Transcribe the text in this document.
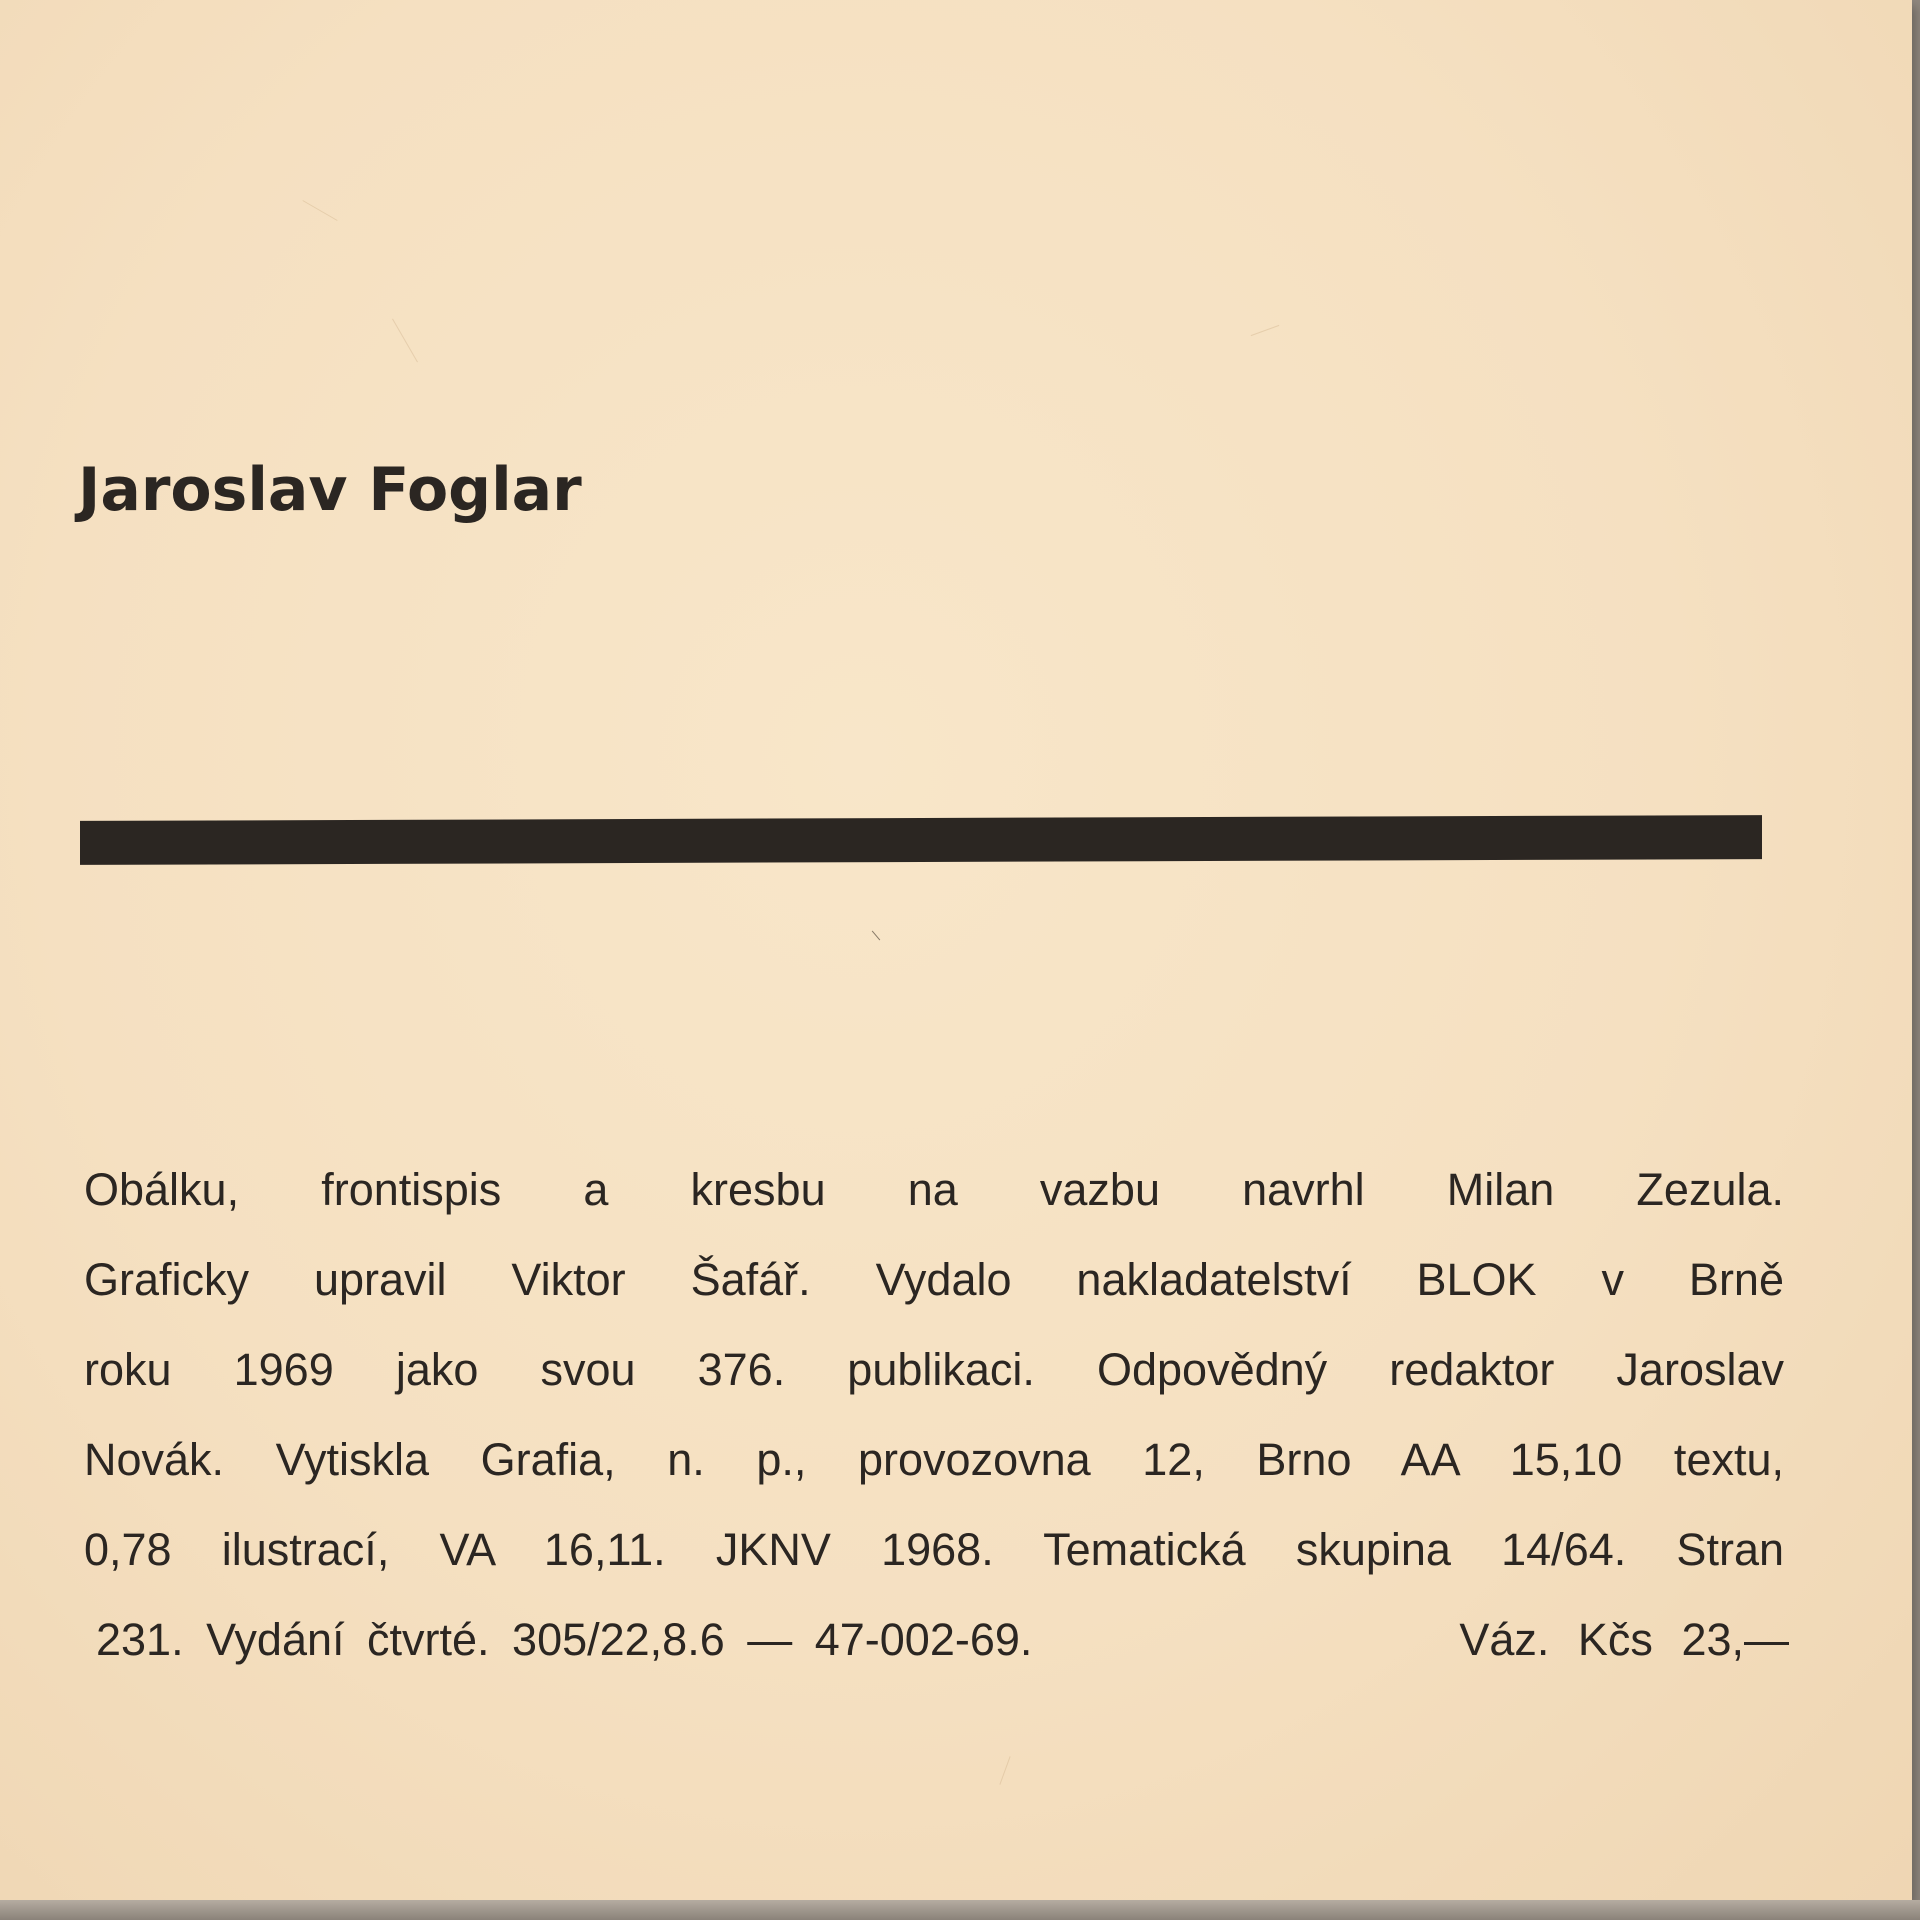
Jaroslav Foglar
Obálku, frontispis a kresbu na vazbu navrhl Milan Zezula.
Graficky upravil Viktor Šafář. Vydalo nakladatelství BLOK v Brně
roku 1969 jako svou 376. publikaci. Odpovědný redaktor Jaroslav
Novák. Vytiskla Grafia, n. p., provozovna 12, Brno AA 15,10 textu,
0,78 ilustrací, VA 16,11. JKNV 1968. Tematická skupina 14/64. Stran
231. Vydání čtvrté. 305/22,8.6 — 47-002-69.	Váz. Kčs 23,—
